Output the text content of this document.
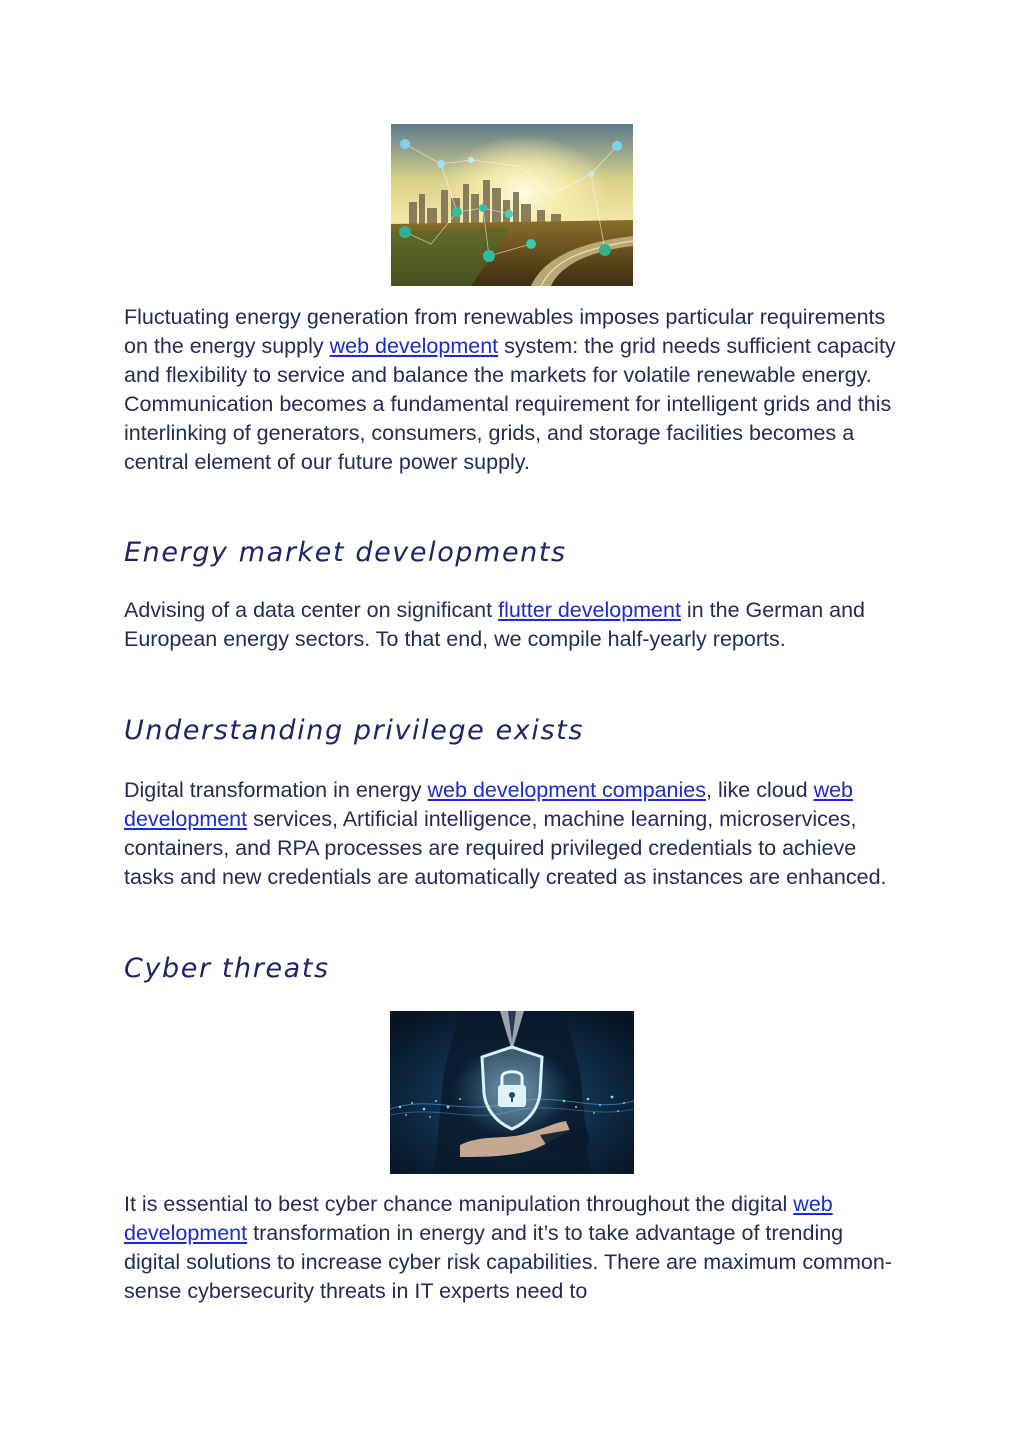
Fluctuating energy generation from renewables imposes particular requirements on the energy supply web development system: the grid needs sufficient capacity and flexibility to service and balance the markets for volatile renewable energy. Communication becomes a fundamental requirement for intelligent grids and this interlinking of generators, consumers, grids, and storage facilities becomes a central element of our future power supply.

Energy market developments

Advising of a data center on significant flutter development in the German and European energy sectors. To that end, we compile half-yearly reports.

Understanding privilege exists

Digital transformation in energy web development companies, like cloud web development services, Artificial intelligence, machine learning, microservices, containers, and RPA processes are required privileged credentials to achieve tasks and new credentials are automatically created as instances are enhanced.

Cyber threats

It is essential to best cyber chance manipulation throughout the digital web development transformation in energy and it’s to take advantage of trending digital solutions to increase cyber risk capabilities. There are maximum common-sense cybersecurity threats in IT experts need to
